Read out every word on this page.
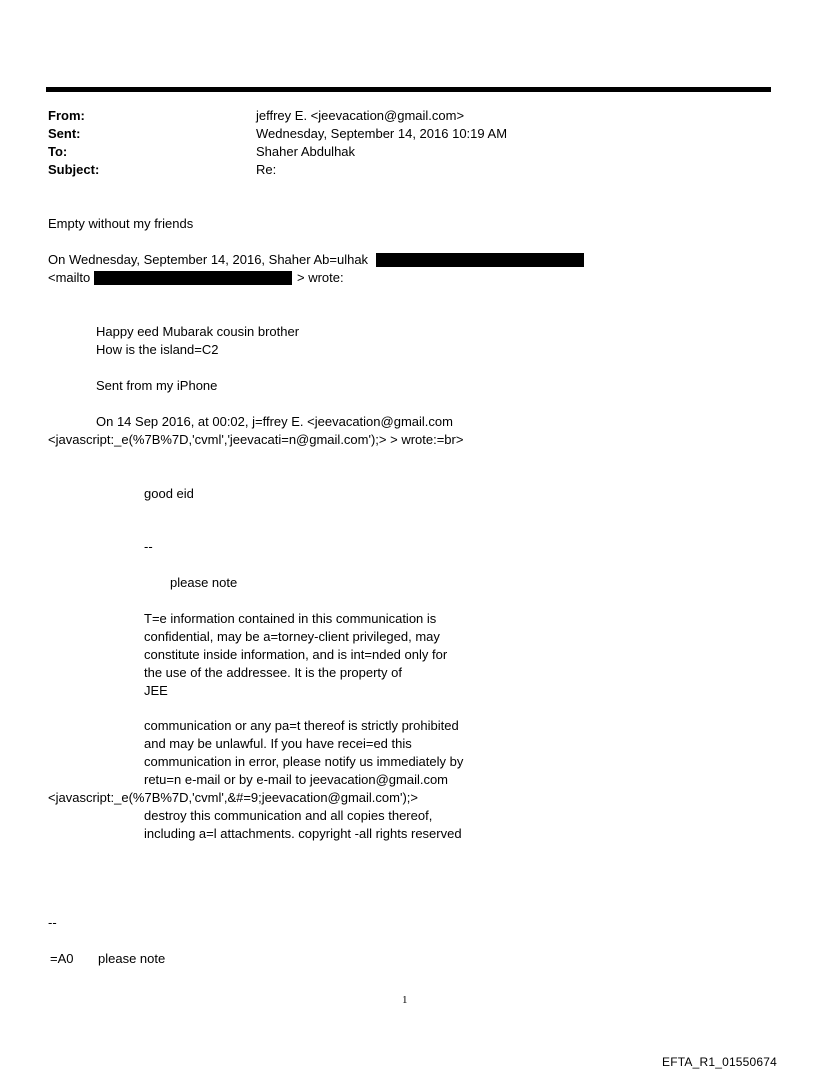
From:	jeffrey E. <jeevacation@gmail.com>
Sent:	Wednesday, September 14, 2016 10:19 AM
To:	Shaher Abdulhak
Subject:	Re:
Empty without my friends
On Wednesday, September 14, 2016, Shaher Ab=ulhak
<mailto	> wrote:
Happy eed Mubarak cousin brother
How is the island=C2
Sent from my iPhone
On 14 Sep 2016, at 00:02, j=ffrey E. <jeevacation@gmail.com
<javascript:_e(%7B%7D,'cvml','jeevacati=n@gmail.com');> > wrote:=br>
good eid
--
please note
T=e information contained in this communication is
confidential, may be a=torney-client privileged, may
constitute inside information, and is int=nded only for
the use of the addressee. It is the property of
JEE
communication or any pa=t thereof is strictly prohibited
and may be unlawful. If you have recei=ed this
communication in error, please notify us immediately by
retu=n e-mail or by e-mail to jeevacation@gmail.com
<javascript:_e(%7B%7D,'cvml',&#=9;jeevacation@gmail.com');>
destroy this communication and all copies thereof,
including a=l attachments. copyright -all rights reserved
--
=A0 please note
1
EFTA_R1_01550674
